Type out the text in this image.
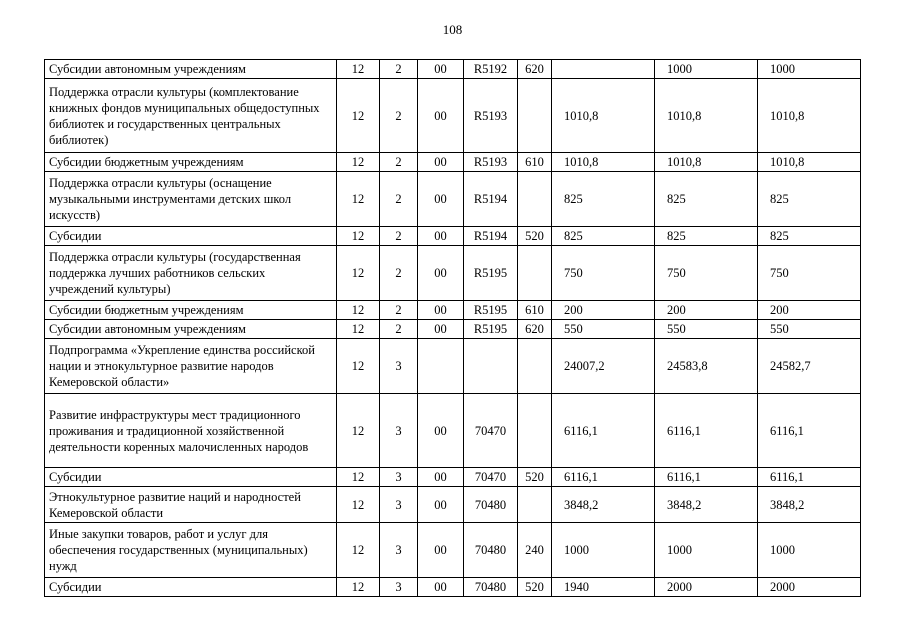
108
Субсидии автономным учреждениям	12	2	00	R5192	620		1000	1000
Поддержка отрасли культуры (комплектование книжных фондов муниципальных общедоступных библиотек и государственных центральных библиотек)	12	2	00	R5193		1010,8	1010,8	1010,8
Субсидии бюджетным учреждениям	12	2	00	R5193	610	1010,8	1010,8	1010,8
Поддержка отрасли культуры (оснащение музыкальными инструментами детских школ искусств)	12	2	00	R5194		825	825	825
Субсидии	12	2	00	R5194	520	825	825	825
Поддержка отрасли культуры (государственная поддержка лучших работников сельских учреждений культуры)	12	2	00	R5195		750	750	750
Субсидии бюджетным учреждениям	12	2	00	R5195	610	200	200	200
Субсидии автономным учреждениям	12	2	00	R5195	620	550	550	550
Подпрограмма «Укрепление единства российской нации и этнокультурное развитие народов Кемеровской области»	12	3				24007,2	24583,8	24582,7
Развитие инфраструктуры мест традиционного проживания и традиционной хозяйственной деятельности коренных малочисленных народов	12	3	00	70470		6116,1	6116,1	6116,1
Субсидии	12	3	00	70470	520	6116,1	6116,1	6116,1
Этнокультурное развитие наций и народностей Кемеровской области	12	3	00	70480		3848,2	3848,2	3848,2
Иные закупки товаров, работ и услуг для обеспечения государственных (муниципальных) нужд	12	3	00	70480	240	1000	1000	1000
Субсидии	12	3	00	70480	520	1940	2000	2000
